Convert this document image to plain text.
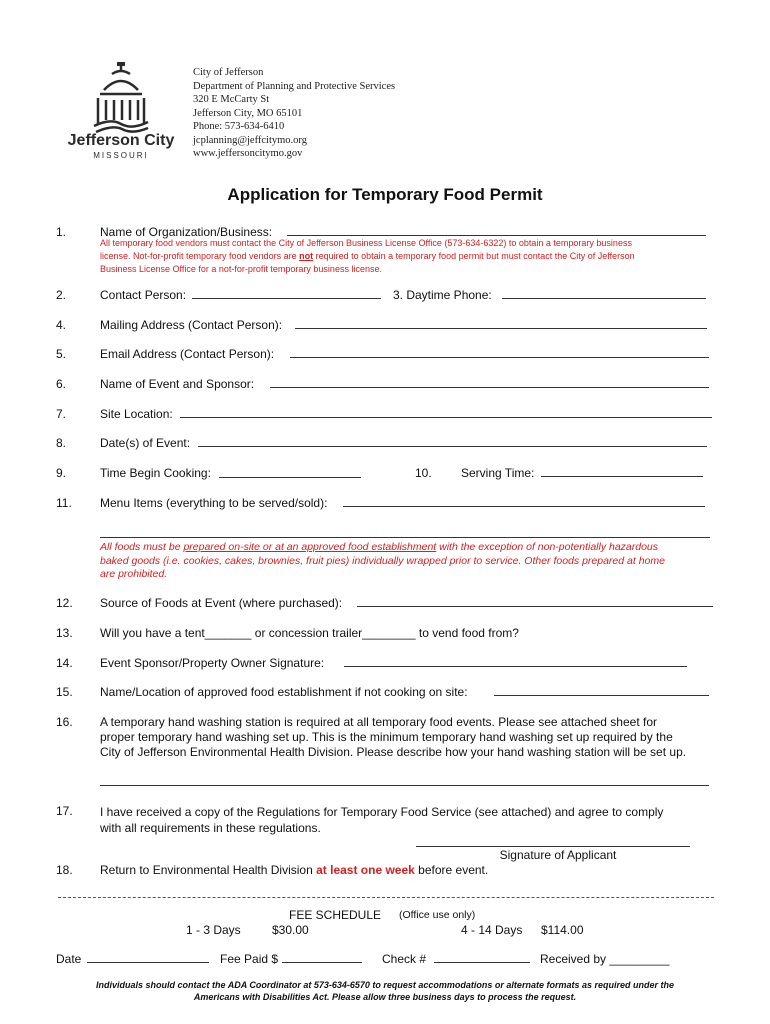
Jefferson City
MISSOURI
City of Jefferson
Department of Planning and Protective Services
320 E McCarty St
Jefferson City, MO 65101
Phone: 573-634-6410
jcplanning@jeffcitymo.org
www.jeffersoncitymo.gov
Application for Temporary Food Permit
1.	Name of Organization/Business:
All temporary food vendors must contact the City of Jefferson Business License Office (573-634-6322) to obtain a temporary business
license. Not-for-profit temporary food vendors are not required to obtain a temporary food permit but must contact the City of Jefferson
Business License Office for a not-for-profit temporary business license.
2.	Contact Person:	3. Daytime Phone:
4.	Mailing Address (Contact Person):
5.	Email Address (Contact Person):
6.	Name of Event and Sponsor:
7.	Site Location:
8.	Date(s) of Event:
9.	Time Begin Cooking:	10. Serving Time:
11. Menu Items (everything to be served/sold):
All foods must be prepared on-site or at an approved food establishment with the exception of non-potentially hazardous
baked goods (i.e. cookies, cakes, brownies, fruit pies) individually wrapped prior to service. Other foods prepared at home
are prohibited.
12. Source of Foods at Event (where purchased):
13. Will you have a tent_______ or concession trailer________ to vend food from?
14. Event Sponsor/Property Owner Signature:
15. Name/Location of approved food establishment if not cooking on site:
16. A temporary hand washing station is required at all temporary food events. Please see attached sheet for
proper temporary hand washing set up. This is the minimum temporary hand washing set up required by the
City of Jefferson Environmental Health Division. Please describe how your hand washing station will be set up.
17. I have received a copy of the Regulations for Temporary Food Service (see attached) and agree to comply
with all requirements in these regulations.
Signature of Applicant
18. Return to Environmental Health Division at least one week before event.
FEE SCHEDULE (Office use only)
1 - 3 Days	$30.00	4 - 14 Days $114.00
Date	Fee Paid $	Check #	Received by _________
Individuals should contact the ADA Coordinator at 573-634-6570 to request accommodations or alternate formats as required under the
Americans with Disabilities Act. Please allow three business days to process the request.
